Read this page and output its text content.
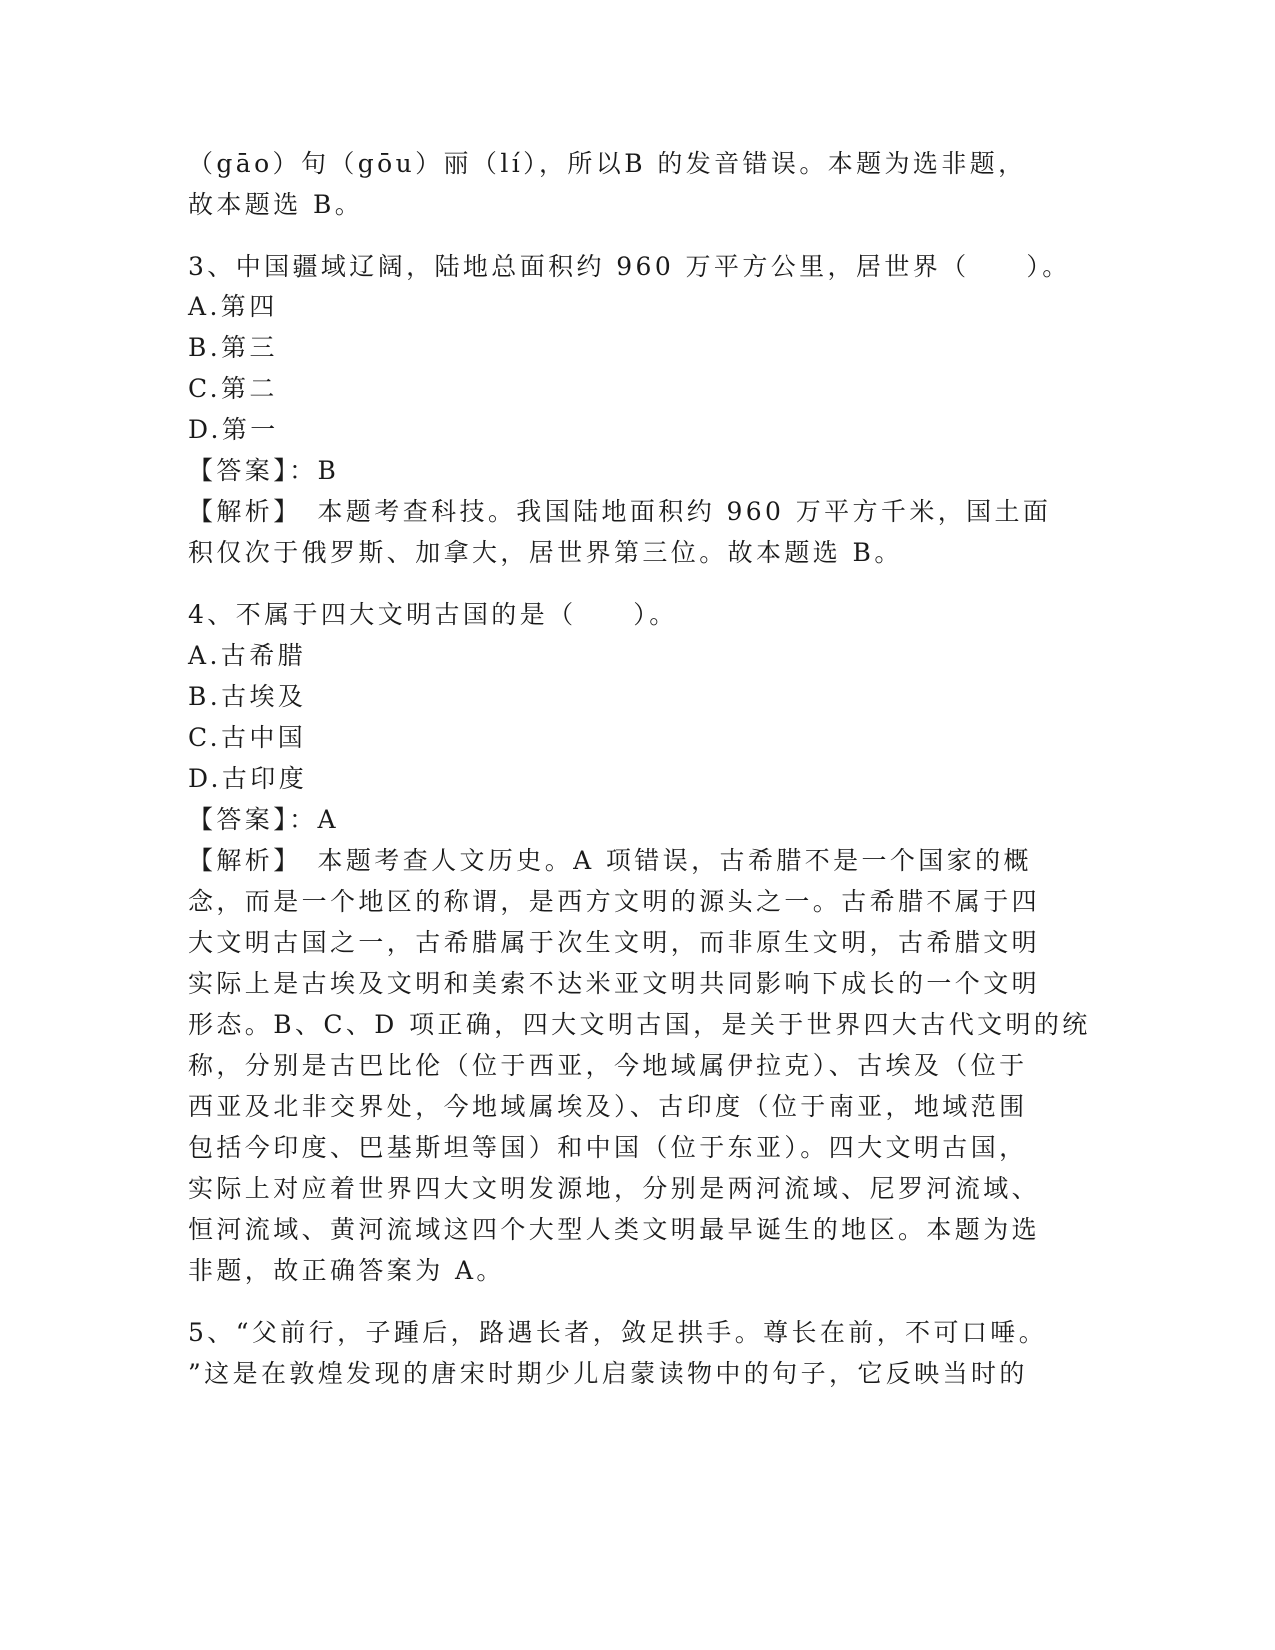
（gāo）句（gōu）丽（lí），所以B 的发音错误。本题为选非题，
故本题选 B。
3、中国疆域辽阔，陆地总面积约 960 万平方公里，居世界（　　）。
A.第四
B.第三
C.第二
D.第一
【答案】：B
【解析】　本题考查科技。我国陆地面积约 960 万平方千米，国土面
积仅次于俄罗斯、加拿大，居世界第三位。故本题选 B。
4、不属于四大文明古国的是（　　）。
A.古希腊
B.古埃及
C.古中国
D.古印度
【答案】：A
【解析】　本题考查人文历史。A 项错误，古希腊不是一个国家的概
念，而是一个地区的称谓，是西方文明的源头之一。古希腊不属于四
大文明古国之一，古希腊属于次生文明，而非原生文明，古希腊文明
实际上是古埃及文明和美索不达米亚文明共同影响下成长的一个文明
形态。B、C、D 项正确，四大文明古国，是关于世界四大古代文明的统
称，分别是古巴比伦（位于西亚，今地域属伊拉克）、古埃及（位于
西亚及北非交界处，今地域属埃及）、古印度（位于南亚，地域范围
包括今印度、巴基斯坦等国）和中国（位于东亚）。四大文明古国，
实际上对应着世界四大文明发源地，分别是两河流域、尼罗河流域、
恒河流域、黄河流域这四个大型人类文明最早诞生的地区。本题为选
非题，故正确答案为 A。
5、“父前行，子踵后，路遇长者，敛足拱手。尊长在前，不可口唾。
”这是在敦煌发现的唐宋时期少儿启蒙读物中的句子，它反映当时的
